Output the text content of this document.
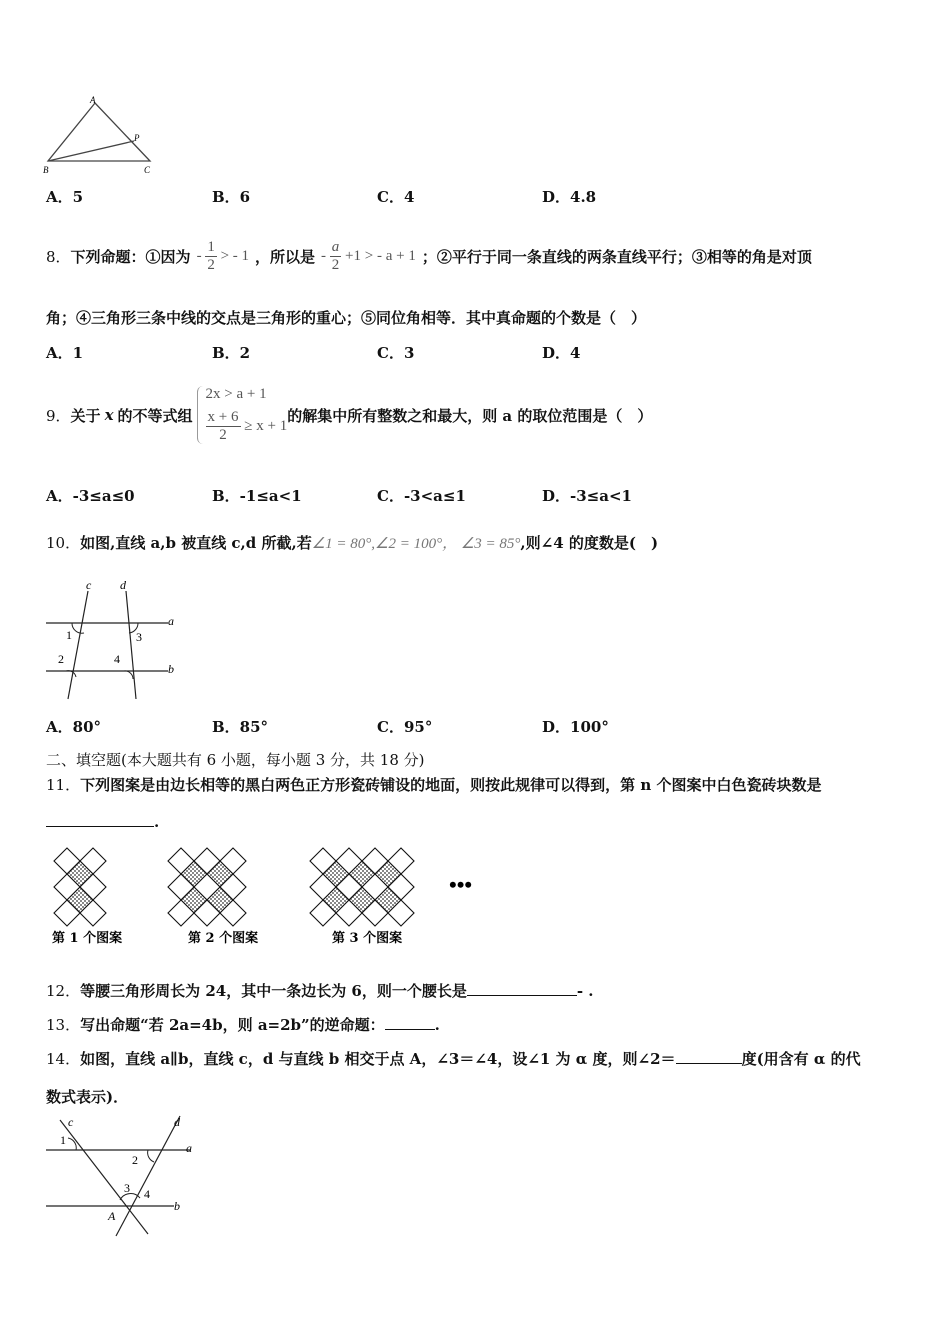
A
B	C
P
A．5	B．6	C．4	D．4.8
8． 下列命题：①因为 - $\frac{1}{2}$ > - 1 ，所以是 - $\frac{a}{2} +1$ > - a + 1 ；②平行于同一条直线的两条直线平行；③相等的角是对顶
角；④三角形三条中线的交点是三角形的重心；⑤同位角相等．其中真命题的个数是（　）
A．1	B．2	C．3	D．4
9． 关于 x 的不等式组
2x > a + 1
$\frac{x + 6}{2} \ge x + 1$
的解集中所有整数之和最大，则 a 的取位范围是（　）
A．-3≤a≤0	B．-1≤a<1	C．-3<a≤1	D．-3≤a<1
10．如图,直线 a,b 被直线 c,d 所截,若∠1 = 80°,∠2 = 100°， ∠3 = 85°,则∠4 的度数是(　)
c d
a
b
1
2
3
4
A．80°	B．85°	C．95°	D．100°
二、填空题(本大题共有 6 小题，每小题 3 分，共 18 分)
11．下列图案是由边长相等的黑白两色正方形瓷砖铺设的地面，则按此规律可以得到，第 n 个图案中白色瓷砖块数是
.
•••
第 1 个图案	第 2 个图案	第 3 个图案
12．等腰三角形周长为 24，其中一条边长为 6，则一个腰长是	- .
13．写出命题“若 2a=4b，则 a=2b”的逆命题：	.
14．如图，直线 a∥b，直线 c，d 与直线 b 相交于点 A，∠3＝∠4，设∠1 为 α 度，则∠2＝	度(用含有 α 的代
数式表示)．
c	d
a
b
1
2
3 4
A
